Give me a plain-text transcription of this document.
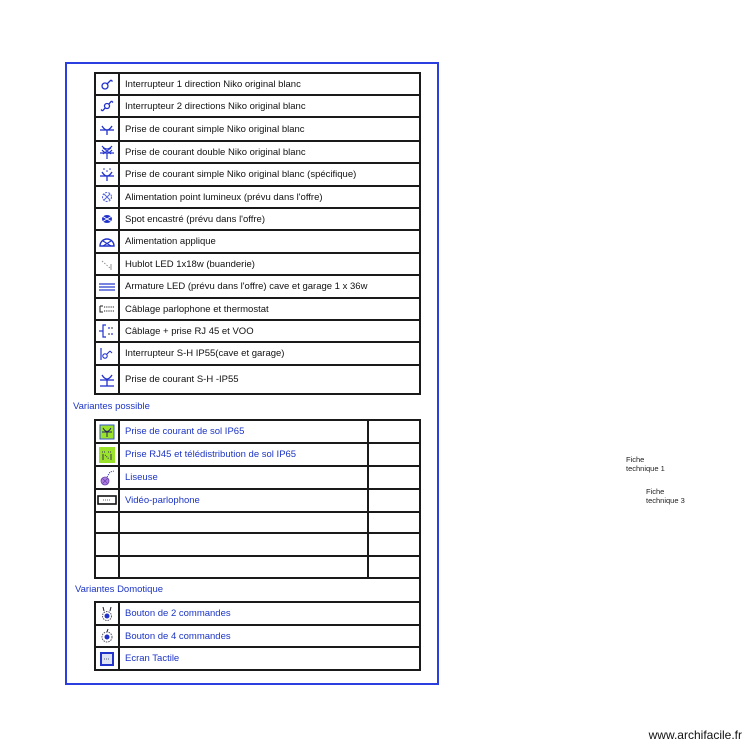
	Interrupteur 1 direction Niko original blanc
	Interrupteur 2 directions Niko original blanc
	Prise de courant simple Niko original blanc
	Prise de courant double Niko original blanc
	Prise de courant simple Niko original blanc (spécifique)
	Alimentation point lumineux (prévu dans l'offre)
	Spot encastré (prévu dans l'offre)
	Alimentation applique
	Hublot LED 1x18w (buanderie)
	Armature LED (prévu dans l'offre) cave et garage 1 x 36w
	Câblage parlophone et thermostat
	Câblage + prise RJ 45 et VOO
	Interrupteur S-H IP55(cave et garage)
	Prise de courant S-H -IP55
Variantes possible
	Prise de courant de sol IP65	
	Prise RJ45 et télédistribution de sol IP65	
	Liseuse	
	Vidéo-parlophone	

Variantes Domotique
	Bouton de 2 commandes
	Bouton de 4 commandes
	Ecran Tactile
Fiche
technique 1
Fiche
technique 3
www.archifacile.fr
